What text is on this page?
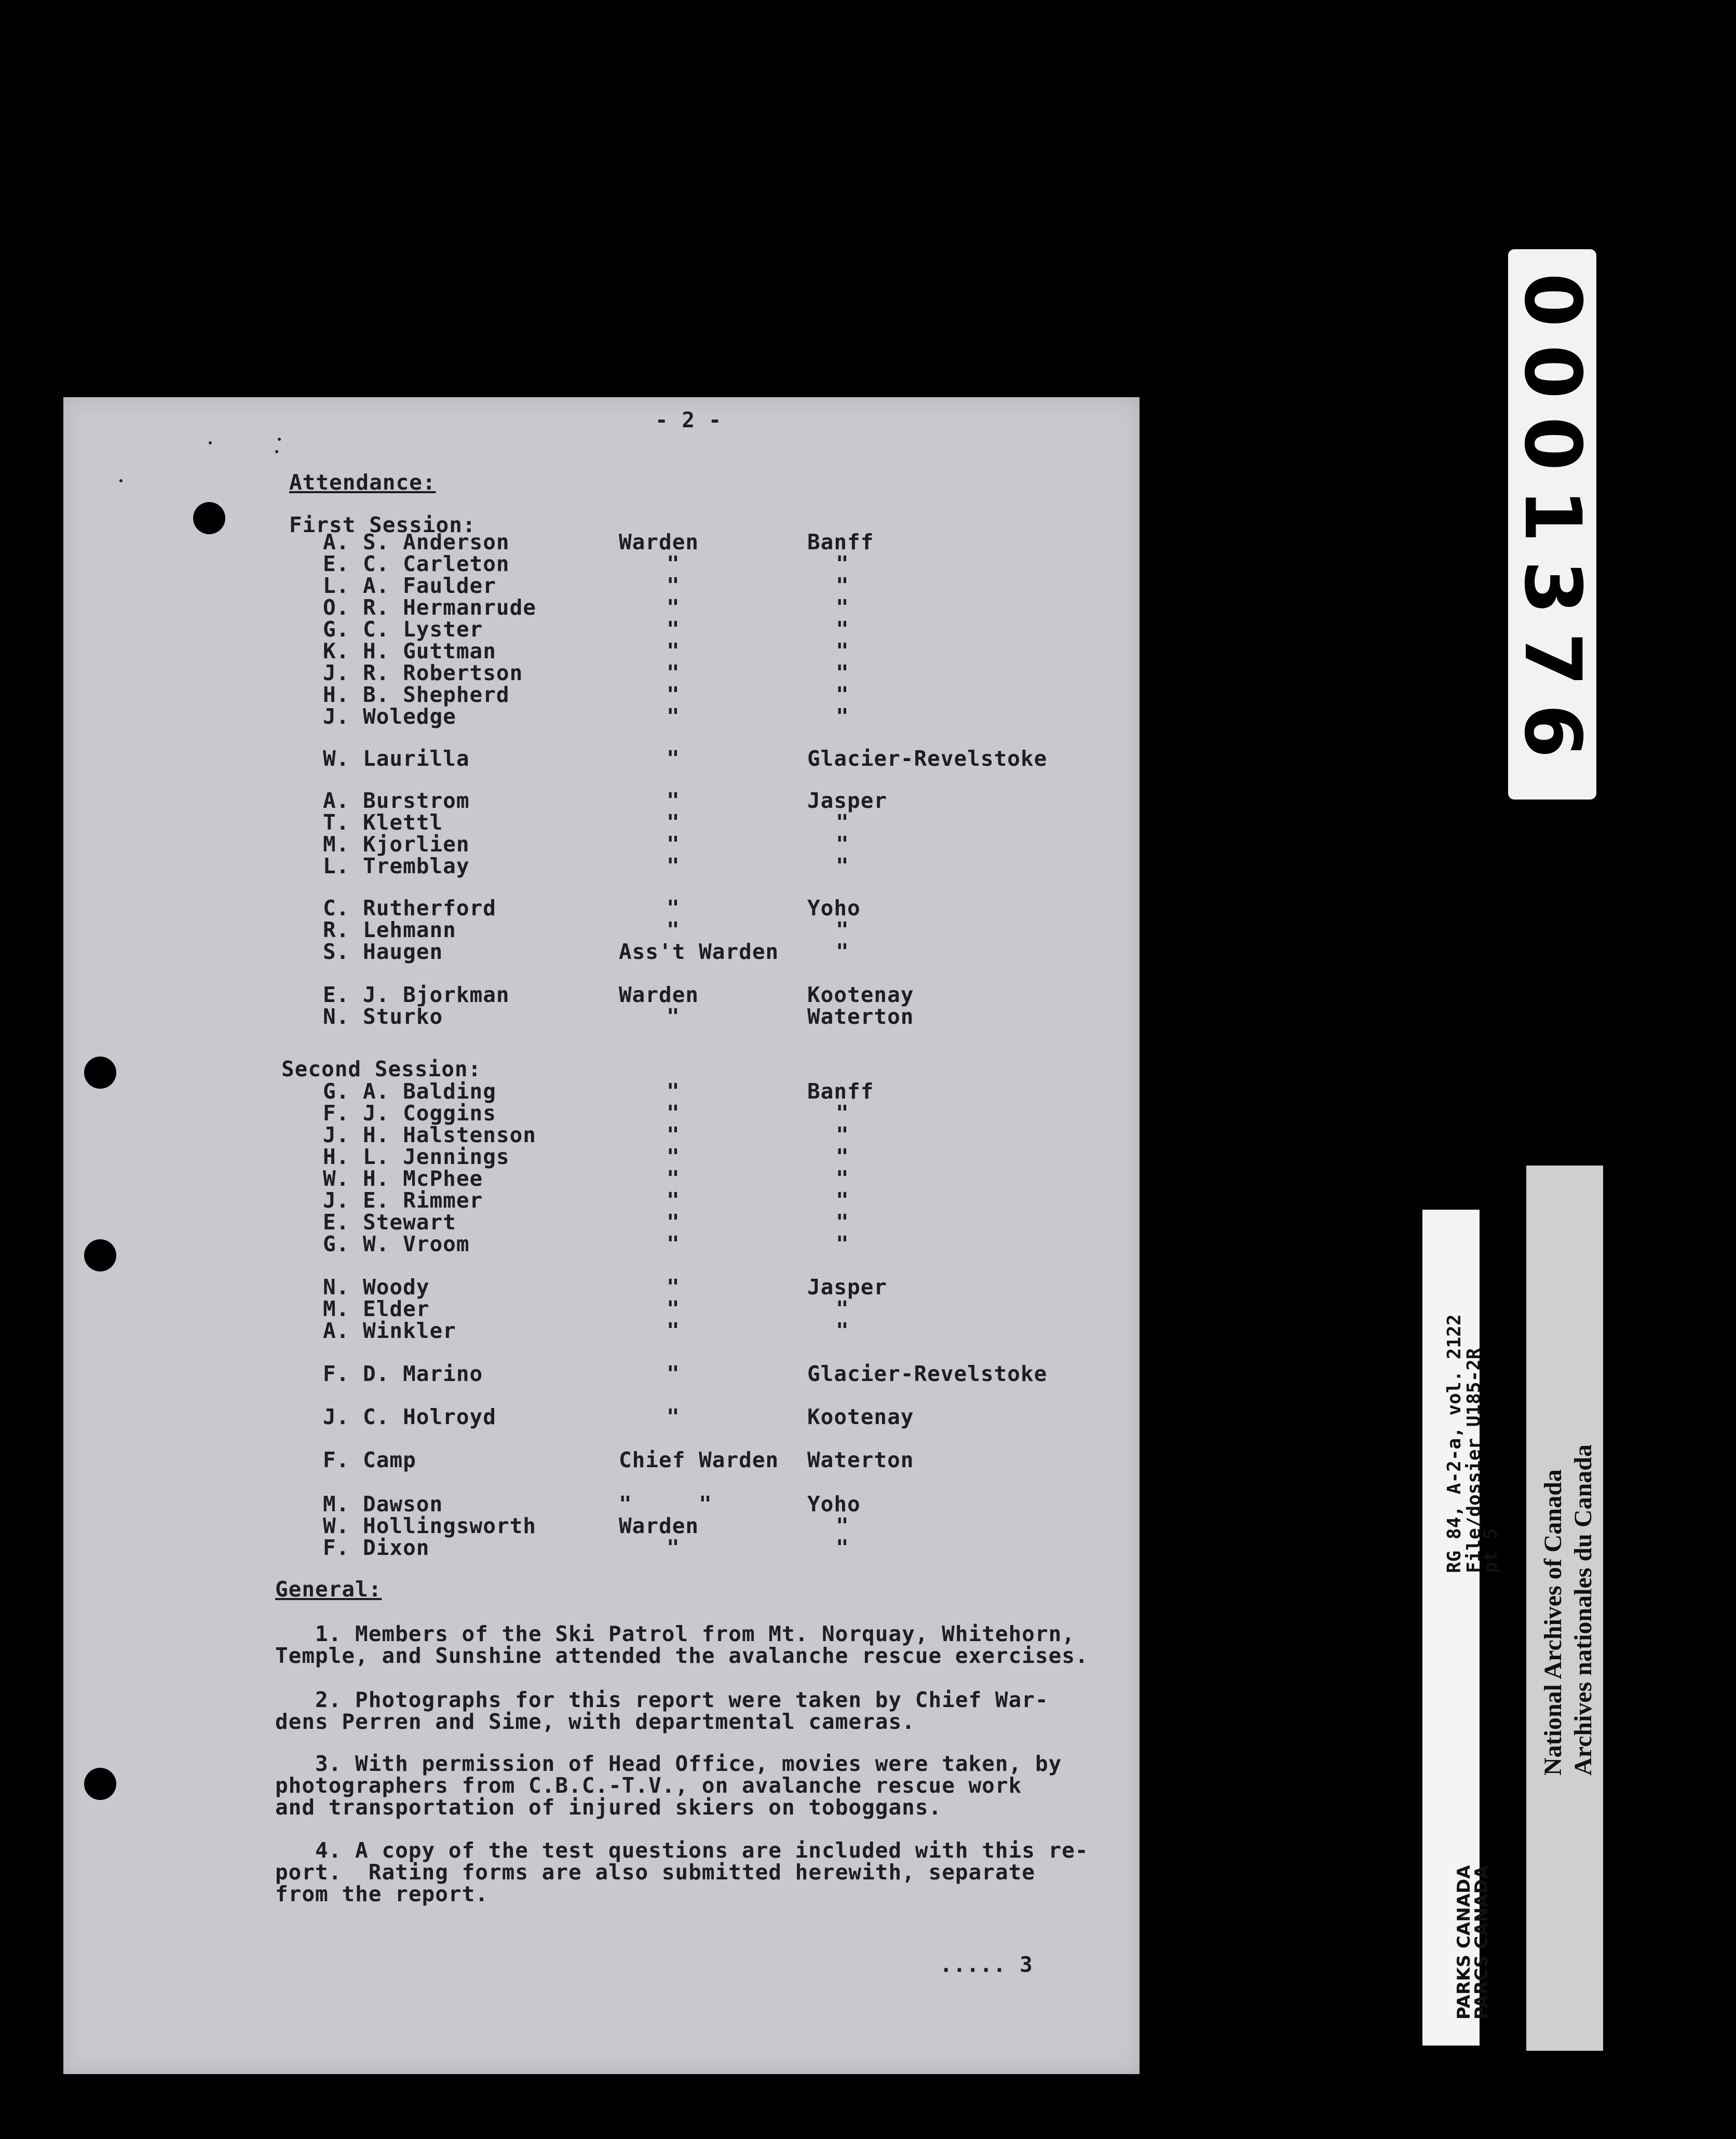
- 2 -
Attendance:
First Session:
Second Session:
General:
1. Members of the Ski Patrol from Mt. Norquay, Whitehorn,
Temple, and Sunshine attended the avalanche rescue exercises.
2. Photographs for this report were taken by Chief War-
dens Perren and Sime, with departmental cameras.
3. With permission of Head Office, movies were taken, by
photographers from C.B.C.-T.V., on avalanche rescue work
and transportation of injured skiers on toboggans.
4. A copy of the test questions are included with this re-
port.  Rating forms are also submitted herewith, separate
from the report.
..... 3
A. S. Anderson	Warden	Banff
E. C. Carleton	"	"
L. A. Faulder	"	"
O. R. Hermanrude	"	"
G. C. Lyster	"	"
K. H. Guttman	"	"
J. R. Robertson	"	"
H. B. Shepherd	"	"
J. Woledge	"	"
W. Laurilla	"	Glacier-Revelstoke
A. Burstrom	"	Jasper
T. Klettl	"	"
M. Kjorlien	"	"
L. Tremblay	"	"
C. Rutherford	"	Yoho
R. Lehmann	"	"
S. Haugen	Ass't Warden	"
E. J. Bjorkman	Warden	Kootenay
N. Sturko	"	Waterton
G. A. Balding	"	Banff
F. J. Coggins	"	"
J. H. Halstenson	"	"
H. L. Jennings	"	"
W. H. McPhee	"	"
J. E. Rimmer	"	"
E. Stewart	"	"
G. W. Vroom	"	"
N. Woody	"	Jasper
M. Elder	"	"
A. Winkler	"	"
F. D. Marino	"	Glacier-Revelstoke
J. C. Holroyd	"	Kootenay
F. Camp	Chief Warden Waterton
M. Dawson	"     "	Yoho
W. Hollingsworth	Warden	"
F. Dixon	"	"
0001376
RG 84, A-2-a, vol. 2122
File/dossier U185-2R
pt 5
PARKS CANADA
PARCS CANADA
National Archives of Canada Archives nationales du Canada
